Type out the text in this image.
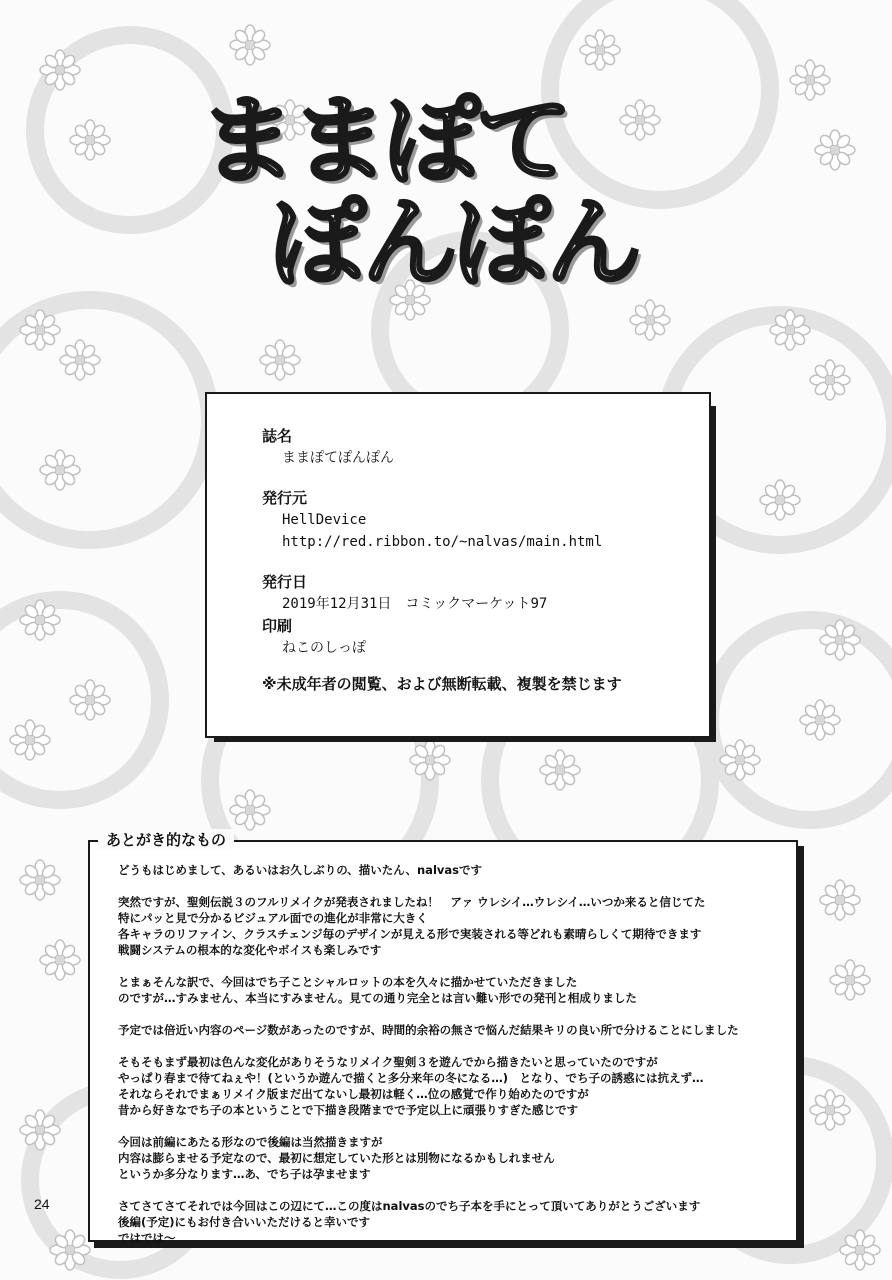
ままぽて
ぽんぽん
誌名
ままぽてぽんぽん
発行元
HellDevice
http://red.ribbon.to/~nalvas/main.html
発行日
2019年12月31日　コミックマーケット97
印刷
ねこのしっぽ
※未成年者の閲覧、および無断転載、複製を禁じます
あとがき的なもの
どうもはじめまして、あるいはお久しぶりの、描いたん、nalvasです
突然ですが、聖剣伝説３のフルリメイクが発表されましたね！　アァ ウレシイ…ウレシイ…いつか来ると信じてた
特にパッと見で分かるビジュアル面での進化が非常に大きく
各キャラのリファイン、クラスチェンジ毎のデザインが見える形で実装される等どれも素晴らしくて期待できます
戦闘システムの根本的な変化やボイスも楽しみです
とまぁそんな訳で、今回はでち子ことシャルロットの本を久々に描かせていただきました
のですが…すみません、本当にすみません。見ての通り完全とは言い難い形での発刊と相成りました
予定では倍近い内容のページ数があったのですが、時間的余裕の無さで悩んだ結果キリの良い所で分けることにしました
そもそもまず最初は色んな変化がありそうなリメイク聖剣３を遊んでから描きたいと思っていたのですが
やっぱり春まで待てねぇや！(というか遊んで描くと多分来年の冬になる…)　となり、でち子の誘惑には抗えず…
それならそれでまぁリメイク版まだ出てないし最初は軽く…位の感覚で作り始めたのですが
昔から好きなでち子の本ということで下描き段階までで予定以上に頑張りすぎた感じです
今回は前編にあたる形なので後編は当然描きますが
内容は膨らませる予定なので、最初に想定していた形とは別物になるかもしれません
というか多分なります…あ、でち子は孕ませます
さてさてさてそれでは今回はこの辺にて…この度はnalvasのでち子本を手にとって頂いてありがとうございます
後編(予定)にもお付き合いいただけると幸いです
ではでは～
24
